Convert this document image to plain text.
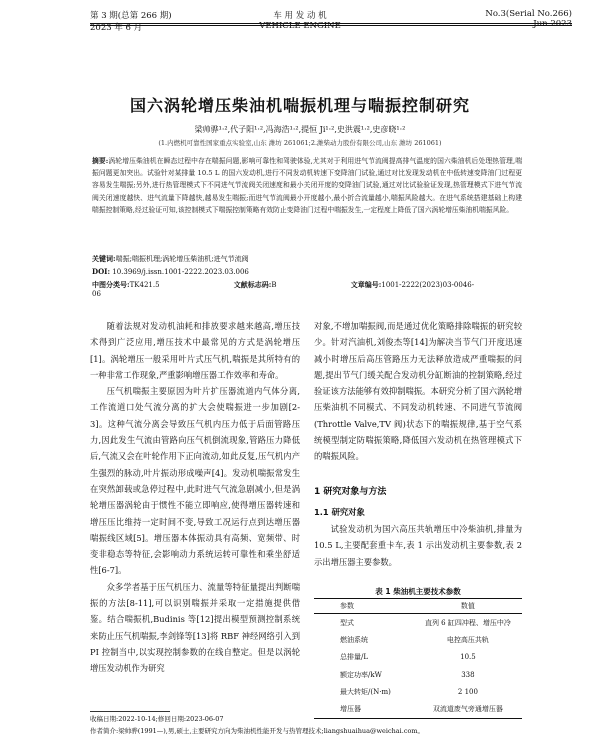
第 3 期(总第 266 期)
2023 年 6 月
车 用 发 动 机
VEHICLE ENGINE
No.3(Serial No.266)
Jun.2023
国六涡轮增压柴油机喘振机理与喘振控制研究
梁帅骅¹·²,代子阳¹·²,冯海浩¹·²,提恒 Ji¹·²,史洪震¹·²,史彦晓¹·²
(1.内燃机可靠性国家重点实验室,山东 潍坊 261061;2.潍柴动力股份有限公司,山东 潍坊 261061)
摘要:涡轮增压柴油机在瞬态过程中存在喘振问题,影响可靠性和驾驶体验,尤其对于利用进气节流阀提高排气温度的国六柴油机后处理热管理,喘振问题更加突出。试验针对某排量 10.5 L 的国六发动机,进行不同发动机转速下变降油门试验,通过对比发现发动机在中低转速变降油门过程更容易发生喘振;另外,进行热管理模式下不同进气节流阀关闭速度和最小关闭开度的变降油门试验,通过对比试验验证发现,热管理模式下进气节流阀关闭速度越快、进气流量下降越快,越易发生喘振;而进气节流阀最小开度越小,最小折合流量越小,喘振风险越大。在进气系统搭建基础上构建喘振控制策略,经过验证可知,该控制模式下喘振控制策略有效防止变降油门过程中喘振发生,一定程度上降低了国六涡轮增压柴油机喘振风险。
关键词:喘振;喘振机理;涡轮增压柴油机;进气节流阀
DOI: 10.3969/j.issn.1001-2222.2023.03.006
中图分类号:TK421.5	文献标志码:B	文章编号:1001-2222(2023)03-0046-06

随着法规对发动机油耗和排放要求越来越高,增压技术得到广泛应用,增压技术中最常见的方式是涡轮增压[1]。涡轮增压一般采用叶片式压气机,喘振是其所特有的一种非常工作现象,严重影响增压器工作效率和寿命。

压气机喘振主要原因为叶片扩压器流道内气体分离,工作流道口处气流分离的扩大会使喘振进一步加剧[2-3]。这种气流分离会导致压气机内压力低于后面管路压力,因此发生气流由管路向压气机倒流现象,管路压力降低后,气流又会在叶轮作用下正向流动,如此反复,压气机内产生强烈的脉动,叶片振动形成噪声[4]。发动机喘振常发生在突然卸载或急停过程中,此时进气气流急剧减小,但是涡轮增压器涡轮由于惯性不能立即响应,使得增压器转速和增压压比维持一定时间不变,导致工况运行点到达增压器喘振线区域[5]。增压器本体振动具有高频、宽频带、时变非稳态等特征,会影响动力系统运转可靠性和乘坐舒适性[6-7]。

众多学者基于压气机压力、流量等特征量提出判断喘振的方法[8-11],可以识别喘振并采取一定措施提供借鉴。结合喘振机,Budinis 等[12]提出模型预测控制系统来防止压气机喘振,李剑锋等[13]将 RBF 神经网络引入到 PI 控制当中,以实现控制参数的在线自整定。但是以涡轮增压发动机作为研究

对象,不增加喘振阀,而是通过优化策略排除喘振的研究较少。针对汽油机,刘俊杰等[14]为解决当节气门开度迅速减小时增压后高压管路压力无法释放造成严重喘振的问题,提出节气门缓关配合发动机分缸断油的控制策略,经过验证该方法能够有效抑制喘振。本研究分析了国六涡轮增压柴油机不同模式、不同发动机转速、不同进气节流阀(Throttle Valve,TV 阀)状态下的喘振规律,基于空气系统模型制定防喘振策略,降低国六发动机在热管理模式下的喘振风险。

1 研究对象与方法
1.1 研究对象

试验发动机为国六高压共轨增压中冷柴油机,排量为 10.5 L,主要配套重卡车,表 1 示出发动机主要参数,表 2 示出增压器主要参数。

表 1 柴油机主要技术参数
参数	数值
型式	直列 6 缸四冲程、增压中冷
燃油系统	电控高压共轨
总排量/L	10.5
额定功率/kW	338
最大转矩/(N·m)	2 100
增压器	双流道废气旁通增压器
收稿日期:2022-10-14;修回日期:2023-06-07
作者简介:梁帅骅(1991—),男,硕士,主要研究方向为柴油机性能开发与热管理技术;liangshuaihua@weichai.com。
